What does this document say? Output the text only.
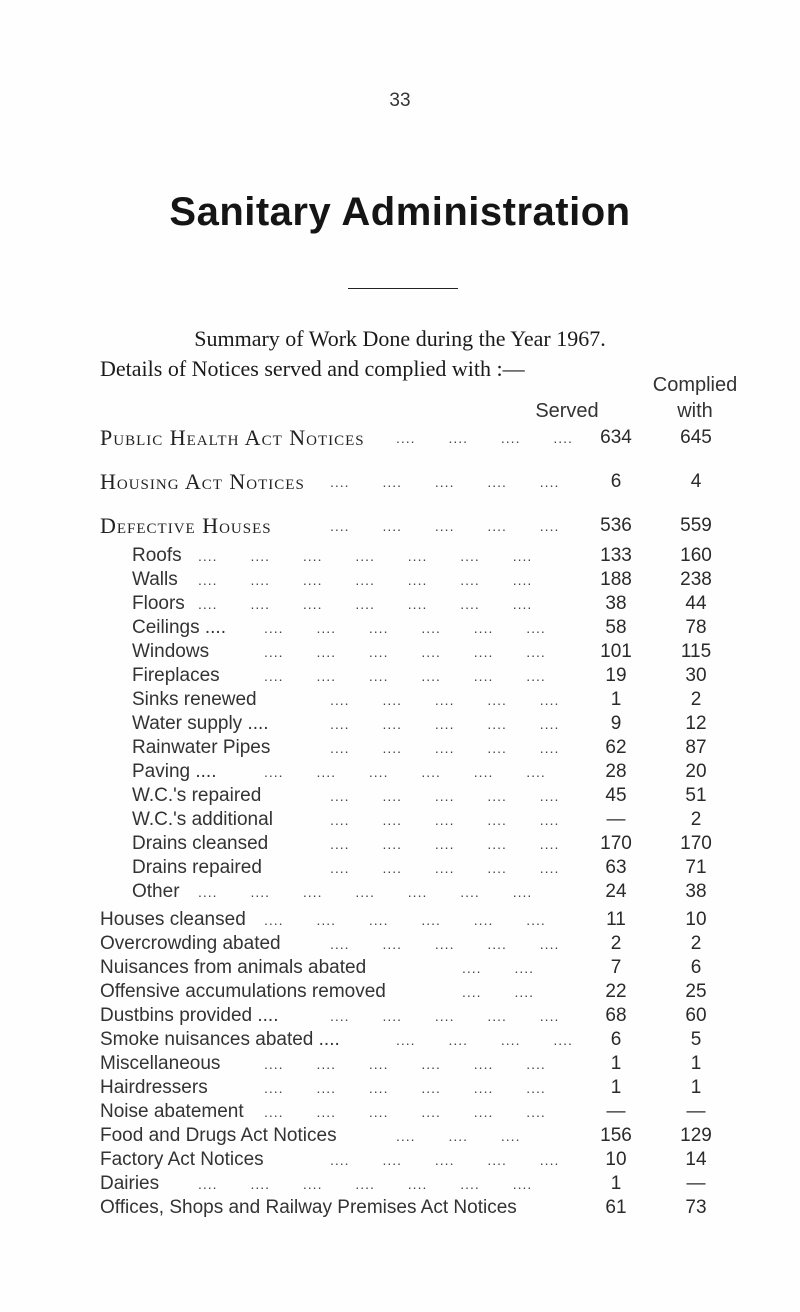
33
Sanitary Administration
Summary of Work Done during the Year 1967.
Details of Notices served and complied with :—
Served
Complied
with
Public Health Act Notices .... .... .... ....	634	645
Housing Act Notices .... .... .... .... ....	6	4
Defective Houses	.... .... .... .... ....	536	559
Roofs .... .... .... .... .... .... ....	133	160
Walls .... .... .... .... .... .... ....	188	238
Floors .... .... .... .... .... .... ....	38	44
Ceilings ....	.... .... .... .... .... ....	58	78
Windows	.... .... .... .... .... ....	101	115
Fireplaces	.... .... .... .... .... ....	19	30
Sinks renewed	.... .... .... .... ....	1	2
Water supply ....	.... .... .... .... ....	9	12
Rainwater Pipes	.... .... .... .... ....	62	87
Paving ....	.... .... .... .... .... ....	28	20
W.C.'s repaired	.... .... .... .... ....	45	51
W.C.'s additional	.... .... .... .... ....	—	2
Drains cleansed	.... .... .... .... ....	170	170
Drains repaired	.... .... .... .... ....	63	71
Other .... .... .... .... .... .... ....	24	38
Houses cleansed .... .... .... .... .... ....	11	10
Overcrowding abated	.... .... .... .... ....	2	2
Nuisances from animals abated	.... ....	7	6
Offensive accumulations removed	.... ....	22	25
Dustbins provided ....	.... .... .... .... ....	68	60
Smoke nuisances abated ....	.... .... .... ....	6	5
Miscellaneous	.... .... .... .... .... ....	1	1
Hairdressers	.... .... .... .... .... ....	1	1
Noise abatement .... .... .... .... .... ....	—	—
Food and Drugs Act Notices	.... .... ....	156	129
Factory Act Notices	.... .... .... .... ....	10	14
Dairies	.... .... .... .... .... .... ....	1	—
Offices, Shops and Railway Premises Act Notices	61	73
